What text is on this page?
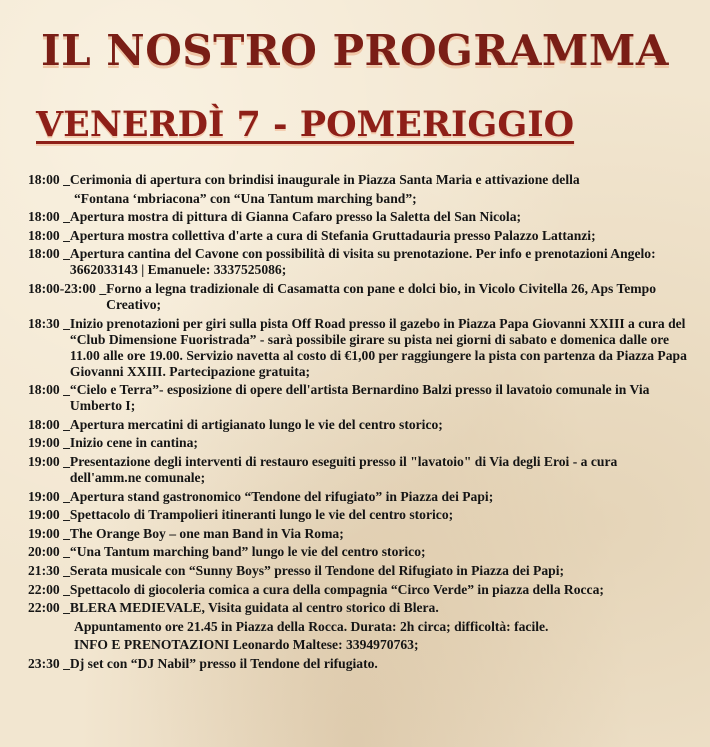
IL NOSTRO PROGRAMMA
VENERDÌ 7 - POMERIGGIO
18:00 _ Cerimonia di apertura con brindisi inaugurale in Piazza Santa Maria e attivazione della
“Fontana ‘mbriacona” con “Una Tantum marching band”;
18:00 _ Apertura mostra di pittura di Gianna Cafaro presso la Saletta del San Nicola;
18:00 _ Apertura mostra collettiva d'arte a cura di Stefania Gruttadauria presso Palazzo Lattanzi;
18:00 _ Apertura cantina del Cavone con possibilità di visita su prenotazione. Per info e prenotazioni Angelo: 3662033143 | Emanuele: 3337525086;
18:00-23:00 _ Forno a legna tradizionale di Casamatta con pane e dolci bio, in Vicolo Civitella 26, Aps Tempo Creativo;
18:30 _ Inizio prenotazioni per giri sulla pista Off Road presso il gazebo in Piazza Papa Giovanni XXIII a cura del “Club Dimensione Fuoristrada” - sarà possibile girare su pista nei giorni di sabato e domenica dalle ore 11.00 alle ore 19.00. Servizio navetta al costo di €1,00 per raggiungere la pista con partenza da Piazza Papa Giovanni XXIII. Partecipazione gratuita;
18:00 _ “Cielo e Terra”- esposizione di opere dell'artista Bernardino Balzi presso il lavatoio comunale in Via Umberto I;
18:00 _ Apertura mercatini di artigianato lungo le vie del centro storico;
19:00 _ Inizio cene in cantina;
19:00 _ Presentazione degli interventi di restauro eseguiti presso il "lavatoio" di Via degli Eroi - a cura dell'amm.ne comunale;
19:00 _ Apertura stand gastronomico “Tendone del rifugiato” in Piazza dei Papi;
19:00 _ Spettacolo di Trampolieri itineranti lungo le vie del centro storico;
19:00 _ The Orange Boy – one man Band in Via Roma;
20:00 _ “Una Tantum marching band” lungo le vie del centro storico;
21:30 _ Serata musicale con “Sunny Boys” presso il Tendone del Rifugiato in Piazza dei Papi;
22:00 _ Spettacolo di giocoleria comica a cura della compagnia “Circo Verde” in piazza della Rocca;
22:00 _ BLERA MEDIEVALE, Visita guidata al centro storico di Blera.
Appuntamento ore 21.45 in Piazza della Rocca. Durata: 2h circa; difficoltà: facile.
INFO E PRENOTAZIONI Leonardo Maltese: 3394970763;
23:30 _ Dj set con “DJ Nabil” presso il Tendone del rifugiato.
